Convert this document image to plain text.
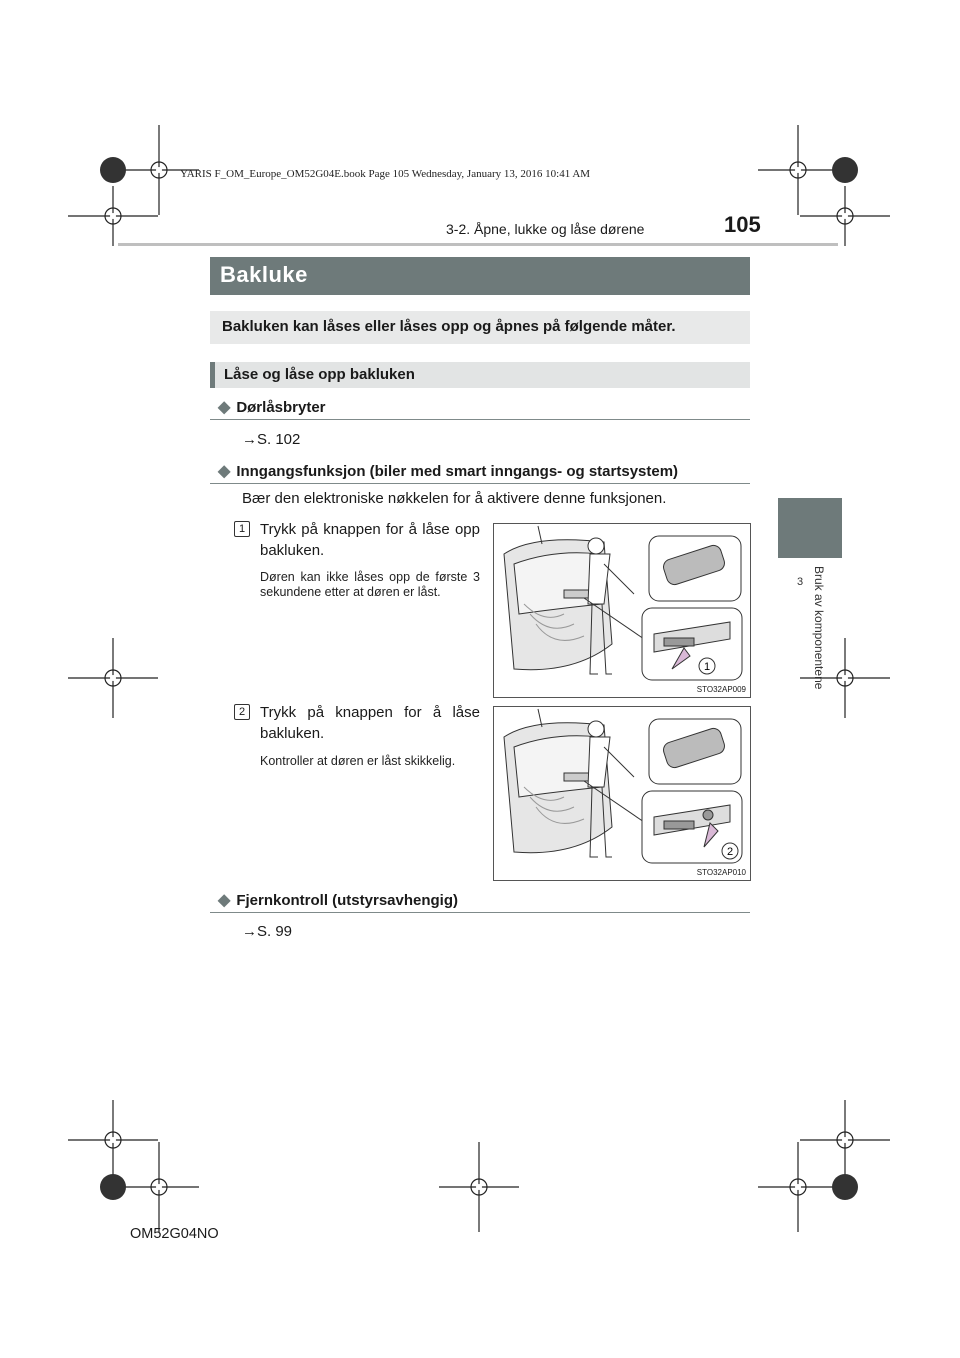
YARIS F_OM_Europe_OM52G04E.book Page 105 Wednesday, January 13, 2016 10:41 AM
3-2. Åpne, lukke og låse dørene	105
3 Bruk av komponentene
Bakluke
Bakluken kan låses eller låses opp og åpnes på følgende måter.
Låse og låse opp bakluken
◆ Dørlåsbryter
→S. 102
◆ Inngangsfunksjon (biler med smart inngangs- og startsystem)
Bær den elektroniske nøkkelen for å aktivere denne funksjonen.
1 Trykk på knappen for å låse opp bakluken.
Døren kan ikke låses opp de første 3 sekundene etter at døren er låst.
1
STO32AP009
2 Trykk på knappen for å låse bakluken.
Kontroller at døren er låst skikkelig.
2
STO32AP010
◆ Fjernkontroll (utstyrsavhengig)
→S. 99
OM52G04NO
